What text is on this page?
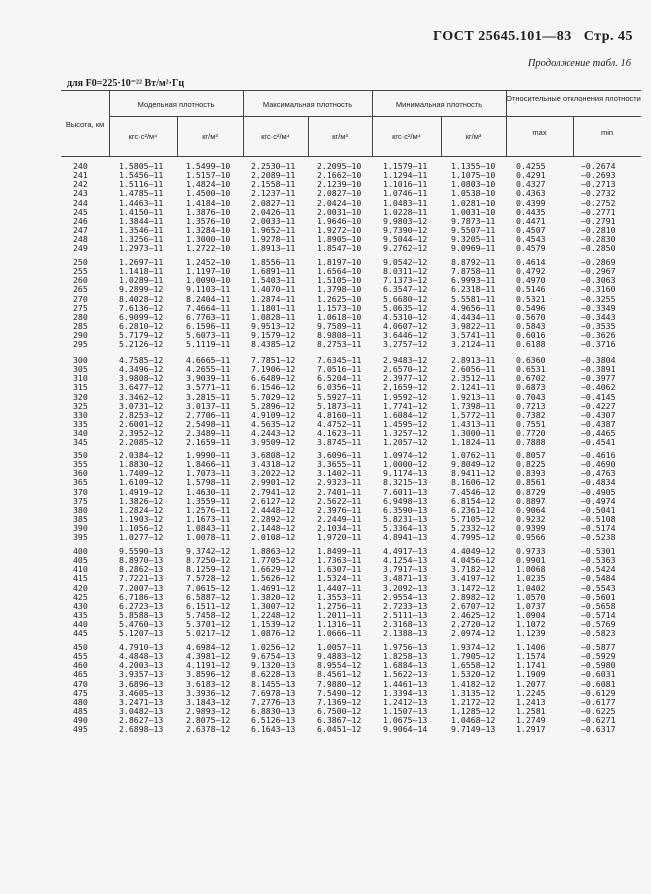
ГОСТ 25645.101—83 Стр. 45
Продолжение табл. 16
для F0=225·10⁻²² Вт/м²·Гц
Высота, км
Модельная плотность	Максимальная плотность	Минимальная плотность
Относительные отклонения плотности
кгс·с²/м⁴	кг/м³	кгс·с²/м⁴	кг/м³	кгс·с²/м⁴	кг/м³	max	min
240	1.5805—11	1.5499—10	2.2530—11	2.2095—10	1.1579—11	1.1355—10	0.4255	—0.2674
241	1.5456—11	1.5157—10	2.2089—11	2.1662—10	1.1294—11	1.1075—10	0.4291	—0.2693
242	1.5116—11	1.4824—10	2.1558—11	2.1239—10	1.1016—11	1.0803—10	0.4327	—0.2713
243	1.4785—11	1.4500—10	2.1237—11	2.0827—10	1.0746—11	1.0538—10	0.4363	—0.2732
244	1.4463—11	1.4184—10	2.0827—11	2.0424—10	1.0483—11	1.0281—10	0.4399	—0.2752
245	1.4150—11	1.3876—10	2.0426—11	2.0031—10	1.0228—11	1.0031—10	0.4435	—0.2771
246	1.3844—11	1.3576—10	2.0033—11	1.9646—10	9.9803—12	9.7873—11	0.4471	—0.2791
247	1.3546—11	1.3284—10	1.9652—11	1.9272—10	9.7390—12	9.5507—11	0.4507	—0.2810
248	1.3256—11	1.3000—10	1.9278—11	1.8905—10	9.5044—12	9.3205—11	0.4543	—0.2830
249	1.2973—11	1.2722—10	1.8913—11	1.8547—10	9.2762—12	9.0969—11	0.4579	—0.2850
250	1.2697—11	1.2452—10	1.8556—11	1.8197—10	9.0542—12	8.8792—11	0.4614	—0.2869
255	1.1418—11	1.1197—10	1.6891—11	1.6564—10	8.0311—12	7.8758—11	0.4792	—0.2967
260	1.0289—11	1.0090—10	1.5403—11	1.5105—10	7.1373—12	6.9993—11	0.4970	—0.3063
265	9.2899—12	9.1103—11	1.4070—11	1.3798—10	6.3547—12	6.2318—11	0.5146	—0.3160
270	8.4028—12	8.2404—11	1.2874—11	1.2625—10	5.6680—12	5.5581—11	0.5321	—0.3255
275	7.6136—12	7.4664—11	1.1801—11	1.1573—10	5.0635—12	4.9656—11	0.5496	—0.3349
280	6.9099—12	6.7763—11	1.0828—11	1.0618—10	4.5310—12	4.4434—11	0.5670	—0.3443
285	6.2810—12	6.1596—11	9.9513—12	9.7589—11	4.0607—12	3.9822—11	0.5843	—0.3535
290	5.7179—12	5.6073—11	9.1579—12	8.9808—11	3.6446—12	3.5741—11	0.6016	—0.3626
295	5.2126—12	5.1119—11	8.4385—12	8.2753—11	3.2757—12	3.2124—11	0.6188	—0.3716
300	4.7585—12	4.6665—11	7.7851—12	7.6345—11	2.9483—12	2.8913—11	0.6360	—0.3804
305	4.3496—12	4.2655—11	7.1906—12	7.0516—11	2.6570—12	2.6056—11	0.6531	—0.3891
310	3.9808—12	3.9039—11	6.6489—12	6.5204—11	2.3977—12	2.3512—11	0.6702	—0.3977
315	3.6477—12	3.5771—11	6.1546—12	6.0356—11	2.1659—12	2.1241—11	0.6873	—0.4062
320	3.3462—12	3.2815—11	5.7029—12	5.5927—11	1.9592—12	1.9213—11	0.7043	—0.4145
325	3.0731—12	3.0137—11	5.2896—12	5.1873—11	1.7741—12	1.7398—11	0.7213	—0.4227
330	2.8253—12	2.7706—11	4.9109—12	4.8160—11	1.6084—12	1.5772—11	0.7382	—0.4307
335	2.6001—12	2.5498—11	4.5635—12	4.4752—11	1.4595—12	1.4313—11	0.7551	—0.4387
340	2.3952—12	2.3489—11	4.2443—12	4.1623—11	1.3257—12	1.3000—11	0.7720	—0.4465
345	2.2085—12	2.1659—11	3.9509—12	3.8745—11	1.2057—12	1.1824—11	0.7888	—0.4541
350	2.0384—12	1.9990—11	3.6808—12	3.6096—11	1.0974—12	1.0762—11	0.8057	—0.4616
355	1.8830—12	1.8466—11	3.4318—12	3.3655—11	1.0000—12	9.8049—12	0.8225	—0.4690
360	1.7409—12	1.7073—11	3.2022—12	3.1402—11	9.1174—13	8.9411—12	0.8393	—0.4763
365	1.6109—12	1.5798—11	2.9901—12	2.9323—11	8.3215—13	8.1606—12	0.8561	—0.4834
370	1.4919—12	1.4630—11	2.7941—12	2.7401—11	7.6011—13	7.4546—12	0.8729	—0.4905
375	1.3826—12	1.3559—11	2.6127—12	2.5622—11	6.9498—13	6.8154—12	0.8897	—0.4974
380	1.2824—12	1.2576—11	2.4448—12	2.3976—11	6.3590—13	6.2361—12	0.9064	—0.5041
385	1.1903—12	1.1673—11	2.2892—12	2.2449—11	5.8231—13	5.7105—12	0.9232	—0.5108
390	1.1056—12	1.0843—11	2.1448—12	2.1034—11	5.3364—13	5.2332—12	0.9399	—0.5174
395	1.0277—12	1.0078—11	2.0108—12	1.9720—11	4.8941—13	4.7995—12	0.9566	—0.5238
400	9.5590—13	9.3742—12	1.8863—12	1.8499—11	4.4917—13	4.4049—12	0.9733	—0.5301
405	8.8970—13	8.7250—12	1.7705—12	1.7363—11	4.1254—13	4.0456—12	0.9901	—0.5363
410	8.2862—13	8.1259—12	1.6629—12	1.6307—11	3.7917—13	3.7182—12	1.0068	—0.5424
415	7.7221—13	7.5728—12	1.5626—12	1.5324—11	3.4871—13	3.4197—12	1.0235	—0.5484
420	7.2007—13	7.0615—12	1.4691—12	1.4407—11	3.2092—13	3.1472—12	1.0402	—0.5543
425	6.7186—13	6.5887—12	1.3820—12	1.3553—11	2.9554—13	2.8982—12	1.0570	—0.5601
430	6.2723—13	6.1511—12	1.3007—12	1.2756—11	2.7233—13	2.6707—12	1.0737	—0.5658
435	5.8588—13	5.7458—12	1.2248—12	1.2011—11	2.5111—13	2.4625—12	1.0904	—0.5714
440	5.4760—13	5.3701—12	1.1539—12	1.1316—11	2.3168—13	2.2720—12	1.1072	—0.5769
445	5.1207—13	5.0217—12	1.0876—12	1.0666—11	2.1388—13	2.0974—12	1.1239	—0.5823
450	4.7910—13	4.6984—12	1.0256—12	1.0057—11	1.9756—13	1.9374—12	1.1406	—0.5877
455	4.4848—13	4.3981—12	9.6754—13	9.4883—12	1.8258—13	1.7905—12	1.1574	—0.5929
460	4.2003—13	4.1191—12	9.1320—13	8.9554—12	1.6884—13	1.6558—12	1.1741	—0.5980
465	3.9357—13	3.8596—12	8.6228—13	8.4561—12	1.5622—13	1.5320—12	1.1909	—0.6031
470	3.6896—13	3.6183—12	8.1455—13	7.9880—12	1.4461—13	1.4182—12	1.2077	—0.6081
475	3.4605—13	3.3936—12	7.6978—13	7.5490—12	1.3394—13	1.3135—12	1.2245	—0.6129
480	3.2471—13	3.1843—12	7.2776—13	7.1369—12	1.2412—13	1.2172—12	1.2413	—0.6177
485	3.0482—13	2.9893—12	6.8830—13	6.7500—12	1.1507—13	1.1285—12	1.2581	—0.6225
490	2.8627—13	2.8075—12	6.5126—13	6.3867—12	1.0675—13	1.0468—12	1.2749	—0.6271
495	2.6898—13	2.6378—12	6.1643—13	6.0451—12	9.9064—14	9.7149—13	1.2917	—0.6317
